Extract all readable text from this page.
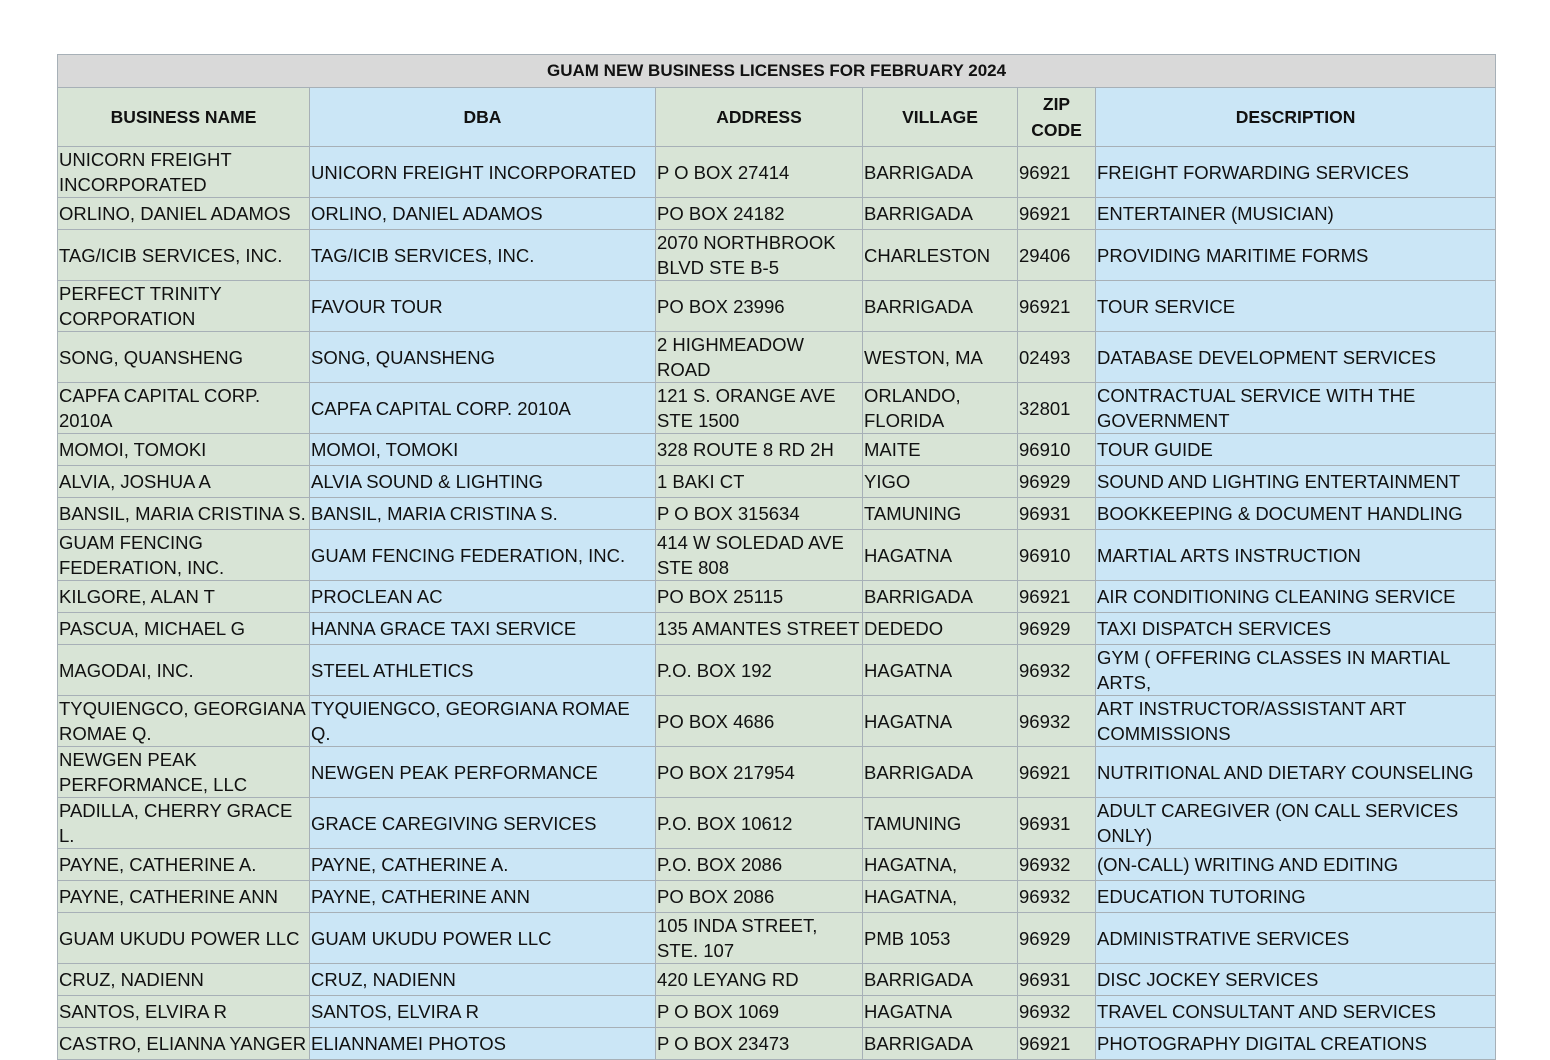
GUAM NEW BUSINESS LICENSES FOR FEBRUARY 2024					
BUSINESS NAME	DBA	ADDRESS	VILLAGE	ZIP CODE	DESCRIPTION
UNICORN FREIGHT INCORPORATED	UNICORN FREIGHT INCORPORATED	P O BOX 27414	BARRIGADA	96921	FREIGHT FORWARDING SERVICES
ORLINO, DANIEL ADAMOS	ORLINO, DANIEL ADAMOS	PO BOX 24182	BARRIGADA	96921	ENTERTAINER (MUSICIAN)
TAG/ICIB SERVICES, INC.	TAG/ICIB SERVICES, INC.	2070 NORTHBROOK BLVD STE B-5	CHARLESTON	29406	PROVIDING MARITIME FORMS
PERFECT TRINITY CORPORATION	FAVOUR TOUR	PO BOX 23996	BARRIGADA	96921	TOUR SERVICE
SONG, QUANSHENG	SONG, QUANSHENG	2 HIGHMEADOW ROAD	WESTON, MA	02493	DATABASE DEVELOPMENT SERVICES
CAPFA CAPITAL CORP. 2010A	CAPFA CAPITAL CORP. 2010A	121 S. ORANGE AVE STE 1500	ORLANDO, FLORIDA	32801	CONTRACTUAL SERVICE WITH THE GOVERNMENT
MOMOI, TOMOKI	MOMOI, TOMOKI	328 ROUTE 8 RD 2H	MAITE	96910	TOUR GUIDE
ALVIA, JOSHUA A	ALVIA SOUND & LIGHTING	1 BAKI CT	YIGO	96929	SOUND AND LIGHTING ENTERTAINMENT
BANSIL, MARIA CRISTINA S.	BANSIL, MARIA CRISTINA S.	P O BOX 315634	TAMUNING	96931	BOOKKEEPING & DOCUMENT HANDLING
GUAM FENCING FEDERATION, INC.	GUAM FENCING FEDERATION, INC.	414 W SOLEDAD AVE STE 808	HAGATNA	96910	MARTIAL ARTS INSTRUCTION
KILGORE, ALAN T	PROCLEAN AC	PO BOX 25115	BARRIGADA	96921	AIR CONDITIONING CLEANING SERVICE
PASCUA, MICHAEL G	HANNA GRACE TAXI SERVICE	135 AMANTES STREET	DEDEDO	96929	TAXI DISPATCH SERVICES
MAGODAI, INC.	STEEL ATHLETICS	P.O. BOX 192	HAGATNA	96932	GYM ( OFFERING CLASSES IN MARTIAL ARTS,
TYQUIENGCO, GEORGIANA ROMAE Q.	TYQUIENGCO, GEORGIANA ROMAE Q.	PO BOX 4686	HAGATNA	96932	ART INSTRUCTOR/ASSISTANT ART COMMISSIONS
NEWGEN PEAK PERFORMANCE, LLC	NEWGEN PEAK PERFORMANCE	PO BOX 217954	BARRIGADA	96921	NUTRITIONAL AND DIETARY COUNSELING
PADILLA, CHERRY GRACE L.	GRACE CAREGIVING SERVICES	P.O. BOX 10612	TAMUNING	96931	ADULT CAREGIVER (ON CALL SERVICES ONLY)
PAYNE, CATHERINE A.	PAYNE, CATHERINE A.	P.O. BOX 2086	HAGATNA,	96932	(ON-CALL) WRITING AND EDITING
PAYNE, CATHERINE ANN	PAYNE, CATHERINE ANN	PO BOX 2086	HAGATNA,	96932	EDUCATION TUTORING
GUAM UKUDU POWER LLC	GUAM UKUDU POWER LLC	105 INDA STREET, STE. 107	PMB 1053	96929	ADMINISTRATIVE SERVICES
CRUZ, NADIENN	CRUZ, NADIENN	420 LEYANG RD	BARRIGADA	96931	DISC JOCKEY SERVICES
SANTOS, ELVIRA R	SANTOS, ELVIRA R	P O BOX 1069	HAGATNA	96932	TRAVEL CONSULTANT AND SERVICES
CASTRO, ELIANNA YANGER	ELIANNAMEI PHOTOS	P O BOX 23473	BARRIGADA	96921	PHOTOGRAPHY DIGITAL CREATIONS
